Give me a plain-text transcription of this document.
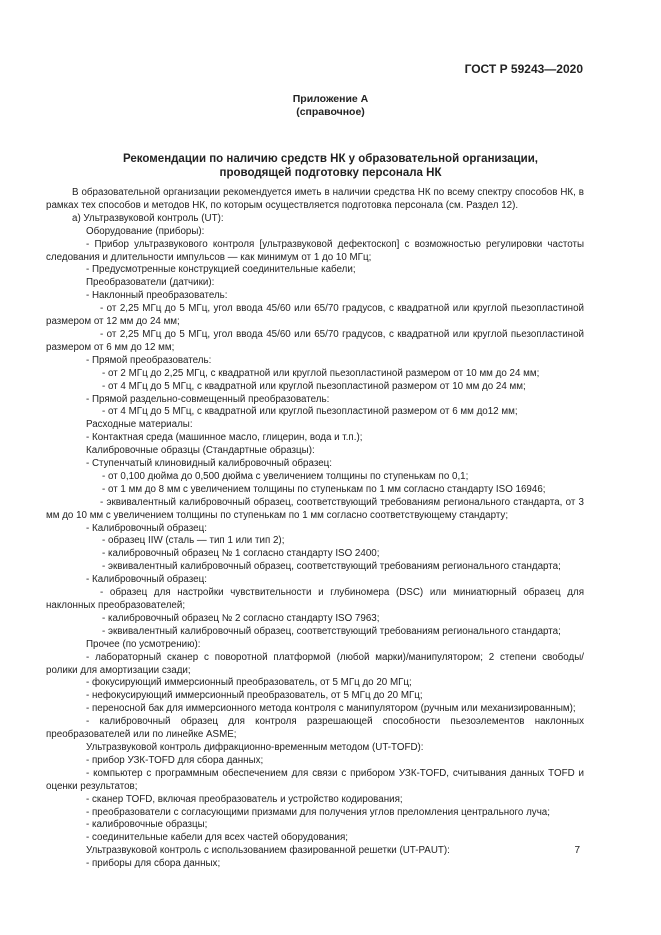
ГОСТ Р 59243—2020
Приложение А
(справочное)
Рекомендации по наличию средств НК у образовательной организации,
проводящей подготовку персонала НК

В образовательной организации рекомендуется иметь в наличии средства НК по всему спектру способов НК, в рамках тех способов и методов НК, по которым осуществляется подготовка персонала (см. Раздел 12).

а) Ультразвуковой контроль (UT):

Оборудование (приборы):

- Прибор ультразвукового контроля [ультразвуковой дефектоскоп] с возможностью регулировки частоты следования и длительности импульсов — как минимум от 1 до 10 МГц;

- Предусмотренные конструкцией соединительные кабели;

Преобразователи (датчики):

- Наклонный преобразователь:

- от 2,25 МГц до 5 МГц, угол ввода 45/60 или 65/70 градусов, с квадратной или круглой пьезопластиной размером от 12 мм до 24 мм;

- от 2,25 МГц до 5 МГц, угол ввода 45/60 или 65/70 градусов, с квадратной или круглой пьезопластиной размером от 6 мм до 12 мм;

- Прямой преобразователь:

- от 2 МГц до 2,25 МГц, с квадратной или круглой пьезопластиной размером от 10 мм до 24 мм;

- от 4 МГц до 5 МГц, с квадратной или круглой пьезопластиной размером от 10 мм до 24 мм;

- Прямой раздельно-совмещенный преобразователь:

- от 4 МГц до 5 МГц, с квадратной или круглой пьезопластиной размером от 6 мм до12 мм;

Расходные материалы:

- Контактная среда (машинное масло, глицерин, вода и т.п.);

Калибровочные образцы (Стандартные образцы):

- Ступенчатый клиновидный калибровочный образец:

- от 0,100 дюйма до 0,500 дюйма с увеличением толщины по ступенькам по 0,1;

- от 1 мм до 8 мм с увеличением толщины по ступенькам по 1 мм согласно стандарту ISO 16946;

- эквивалентный калибровочный образец, соответствующий требованиям регионального стандарта, от 3 мм до 10 мм с увеличением толщины по ступенькам по 1 мм согласно соответствующему стандарту;

- Калибровочный образец:

- образец IIW (сталь — тип 1 или тип 2);

- калибровочный образец № 1 согласно стандарту ISO 2400;

- эквивалентный калибровочный образец, соответствующий требованиям регионального стандарта;

- Калибровочный образец:

- образец для настройки чувствительности и глубиномера (DSC) или миниатюрный образец для наклонных преобразователей;

- калибровочный образец № 2 согласно стандарту ISO 7963;

- эквивалентный калибровочный образец, соответствующий требованиям регионального стандарта;

Прочее (по усмотрению):

- лабораторный сканер с поворотной платформой (любой марки)/манипулятором; 2 степени свободы/ролики для амортизации сзади;

- фокусирующий иммерсионный преобразователь, от 5 МГц до 20 МГц;

- нефокусирующий иммерсионный преобразователь, от 5 МГц до 20 МГц;

- переносной бак для иммерсионного метода контроля с манипулятором (ручным или механизированным);

- калибровочный образец для контроля разрешающей способности пьезоэлементов наклонных преобразователей или по линейке ASME;

Ультразвуковой контроль дифракционно-временным методом (UT-TOFD):

- прибор УЗК-TOFD для сбора данных;

- компьютер с программным обеспечением для связи с прибором УЗК-TOFD, считывания данных TOFD и оценки результатов;

- сканер TOFD, включая преобразователь и устройство кодирования;

- преобразователи с согласующими призмами для получения углов преломления центрального луча;

- калибровочные образцы;

- соединительные кабели для всех частей оборудования;

Ультразвуковой контроль с использованием фазированной решетки (UT-PAUT):

- приборы для сбора данных;

7
